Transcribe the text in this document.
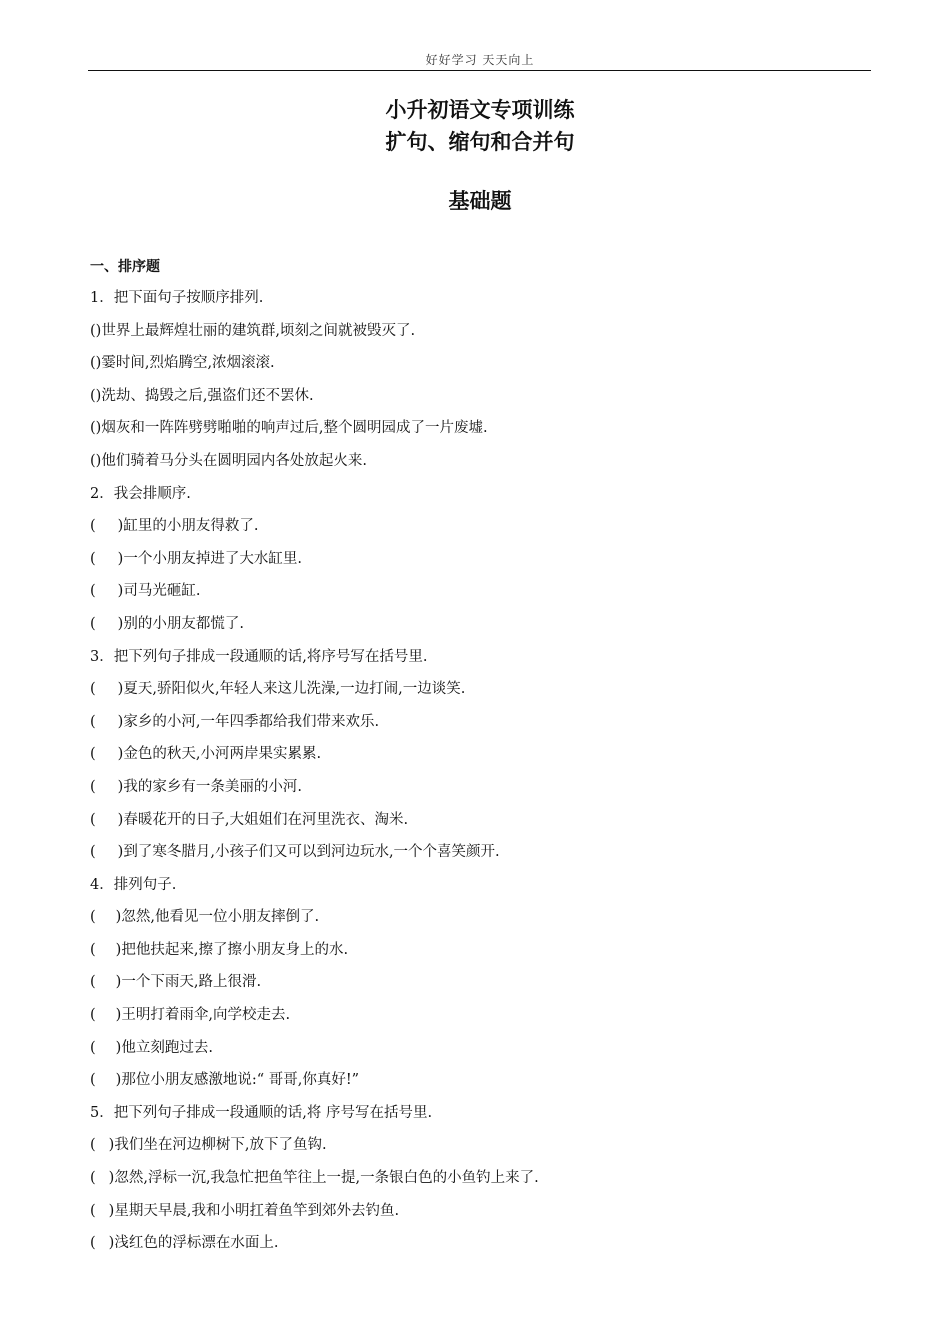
好好学习 天天向上
小升初语文专项训练
扩句、缩句和合并句
基础题
一、排序题
1．把下面句子按顺序排列.
()世界上最辉煌壮丽的建筑群,顷刻之间就被毁灭了.
()霎时间,烈焰腾空,浓烟滚滚.
()洗劫、捣毁之后,强盗们还不罢休.
()烟灰和一阵阵劈劈啪啪的响声过后,整个圆明园成了一片废墟.
()他们骑着马分头在圆明园内各处放起火来.
2．我会排顺序.
( )缸里的小朋友得救了.
( )一个小朋友掉进了大水缸里.
( )司马光砸缸.
( )别的小朋友都慌了.
3．把下列句子排成一段通顺的话,将序号写在括号里.
( )夏天,骄阳似火,年轻人来这儿洗澡,一边打闹,一边谈笑.
( )家乡的小河,一年四季都给我们带来欢乐.
( )金色的秋天,小河两岸果实累累.
( )我的家乡有一条美丽的小河.
( )春暖花开的日子,大姐姐们在河里洗衣、淘米.
( )到了寒冬腊月,小孩子们又可以到河边玩水,一个个喜笑颜开.
4．排列句子.
( )忽然,他看见一位小朋友摔倒了.
( )把他扶起来,擦了擦小朋友身上的水.
( )一个下雨天,路上很滑.
( )王明打着雨伞,向学校走去.
( )他立刻跑过去.
( )那位小朋友感激地说:“ 哥哥,你真好!”
5．把下列句子排成一段通顺的话,将 序号写在括号里.
( )我们坐在河边柳树下,放下了鱼钩.
( )忽然,浮标一沉,我急忙把鱼竿往上一提,一条银白色的小鱼钓上来了.
( )星期天早晨,我和小明扛着鱼竿到郊外去钓鱼.
( )浅红色的浮标漂在水面上.
